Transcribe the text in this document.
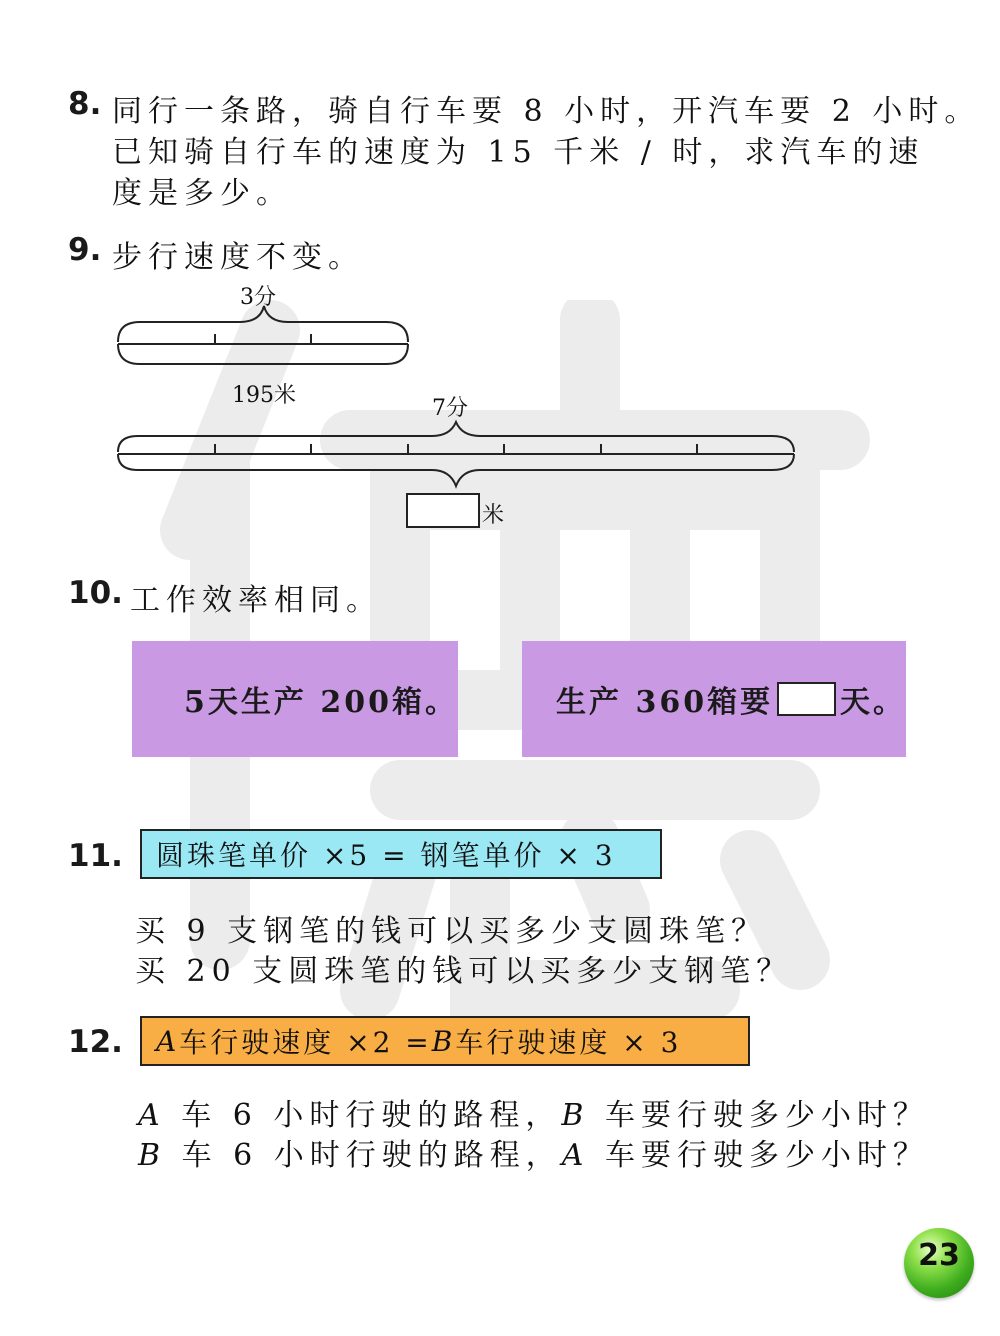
8. 同行一条路，骑自行车要 8 小时，开汽车要 2 小时。
已知骑自行车的速度为 15 千米 / 时，求汽车的速
度是多少。
9. 步行速度不变。
3分
195米
7分
米
10. 工作效率相同。
5天生产 200箱。	生产 360箱要 天。
11. 圆珠笔单价 ×5 = 钢笔单价 × 3
买 9 支钢笔的钱可以买多少支圆珠笔？
买 20 支圆珠笔的钱可以买多少支钢笔？
12. A 车行驶速度 ×2 = B 车行驶速度 × 3
A 车 6 小时行驶的路程，B 车要行驶多少小时？
B 车 6 小时行驶的路程，A 车要行驶多少小时？
23
